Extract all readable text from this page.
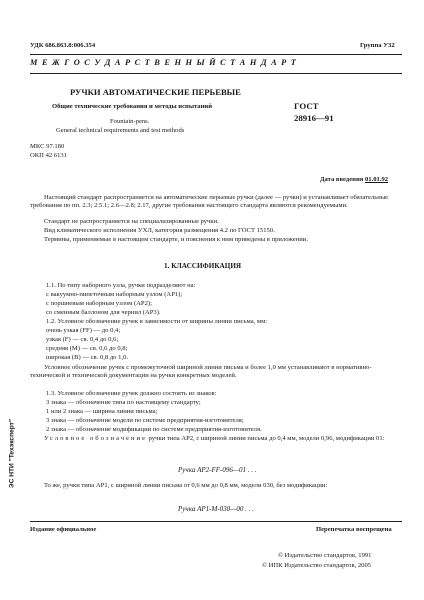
УДК 686.863.8:006.354	Группа У32
М Е Ж Г О С У Д А Р С Т В Е Н Н Ы Й С Т А Н Д А Р Т
РУЧКИ АВТОМАТИЧЕСКИЕ ПЕРЬЕВЫЕ
Общие технические требования и методы испытаний
Fountain-pens.
General technical requirements and test methods
ГОСТ
28916—91
МКС 97.180
ОКП 42 6131
Дата введения 01.01.92
Настоящий стандарт распространяется на автоматические перьевые ручки (далее — ручки) и устанавливает обязательные требования по пп. 2.3; 2.5.1; 2.6—2.8; 2.17, другие требования настоящего стандарта являются рекомендуемыми.
Стандарт не распространяется на специализированные ручки.
Вид климатического исполнения УХЛ, категория размещения 4.2 по ГОСТ 15150.
Термины, применяемые в настоящем стандарте, и пояснения к ним приведены в приложении.
1. КЛАССИФИКАЦИЯ
1.1. По типу наборного узла, ручки подразделяют на:
с вакуумно-пипеточным наборным узлом (АР1);
с поршневым наборным узлом (АР2);
со сменным баллоном для чернил (АР3).
1.2. Условное обозначение ручек в зависимости от ширины линии письма, мм:
очень узкая (FF) — до 0,4;
узкая (F) — св. 0,4 до 0,6;
средняя (М) — св. 0,6 до 0,8;
широкая (В) — св. 0,8 до 1,0.
Условное обозначение ручек с промежуточной шириной линии письма и более 1,0 мм устанавливают в нормативно-технической и технической документации на ручки конкретных моделей.
1.3. Условное обозначение ручек должно состоять из знаков:
3 знака — обозначение типа по настоящему стандарту;
1 или 2 знака — ширина линии письма;
3 знака — обозначение модели по системе предприятия-изготовителя;
2 знака — обозначение модификации по системе предприятия-изготовителя.
Условное обозначение ручки типа АР2, с шириной линии письма до 0,4 мм, модели 0,96, модификации 01:
Ручка АР2-FF-096—01 . . .
То же, ручки типа АР1, с шириной линии письма от 0,6 мм до 0,8 мм, модели 030, без модификации:
Ручка АР1-М-030—00 . . .
Издание официальное	Перепечатка воспрещена
© Издательство стандартов, 1991
© ИПК Издательство стандартов, 2005
ЭС НТИ "Техэксперт"
